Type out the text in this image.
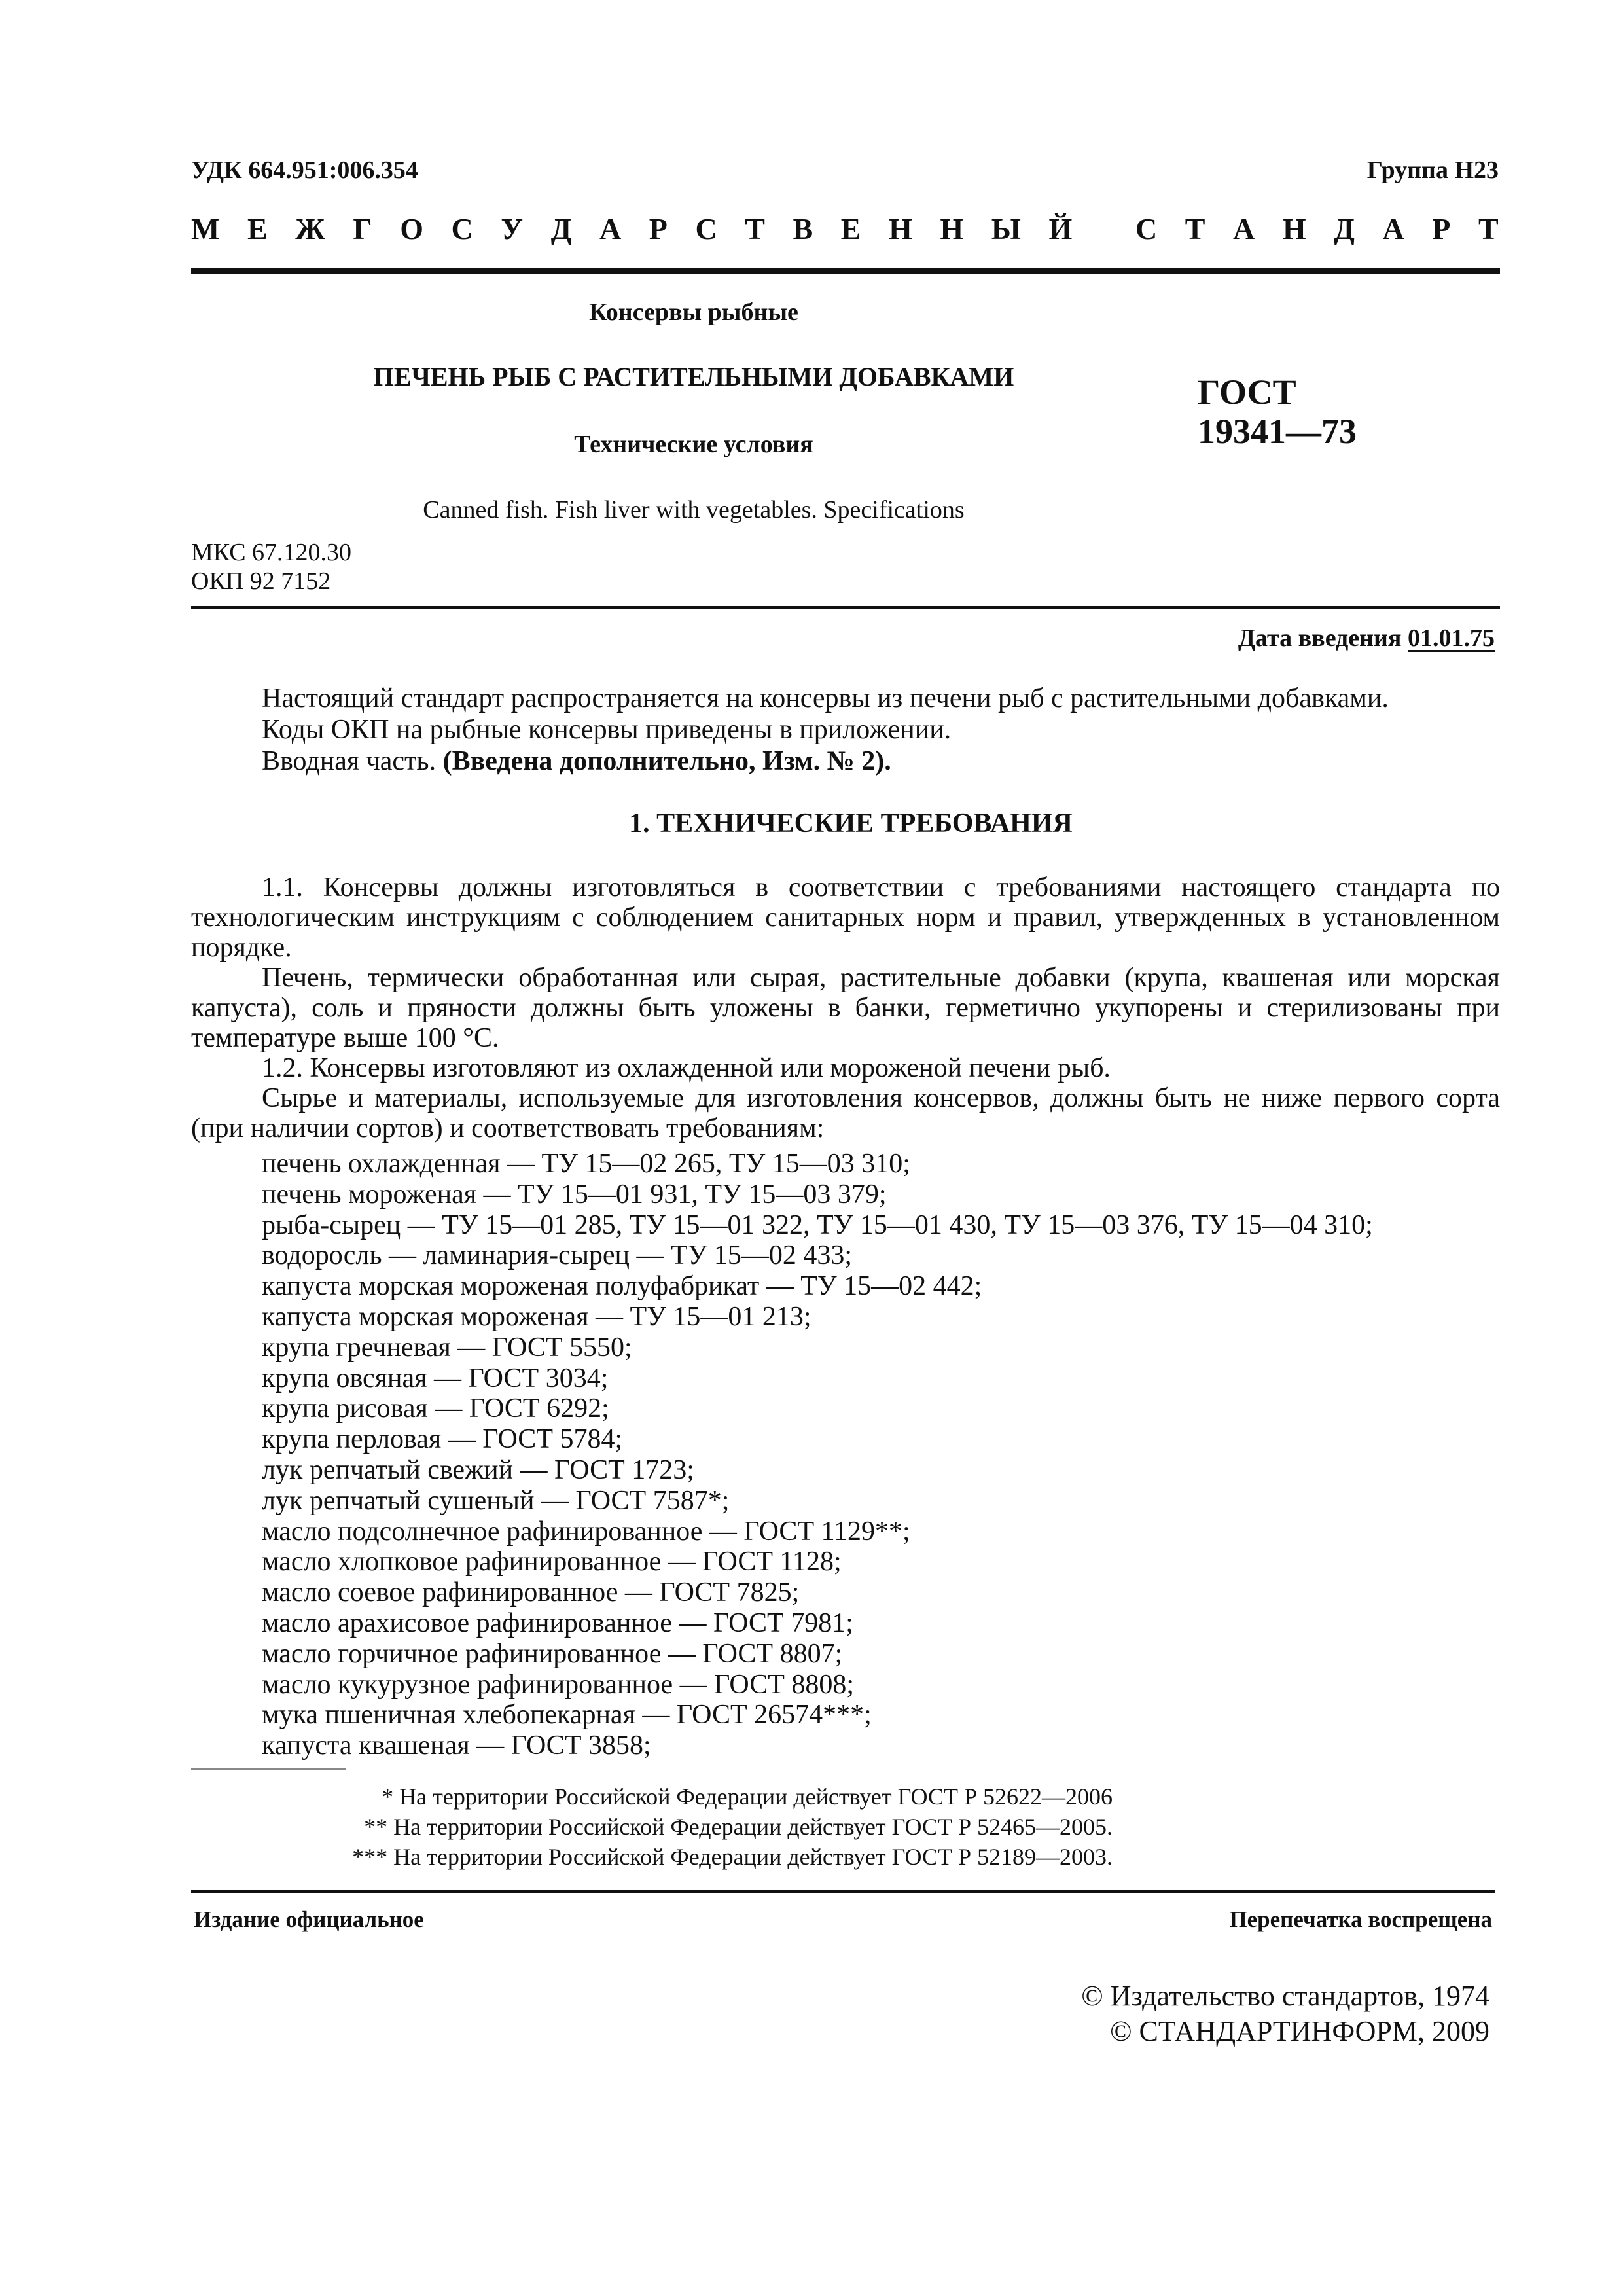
УДК 664.951:006.354	Группа Н23
М Е Ж Г О С У Д А Р С Т В Е Н Н Ы Й
С Т А Н Д А Р Т
Консервы рыбные
ПЕЧЕНЬ РЫБ С РАСТИТЕЛЬНЫМИ ДОБАВКАМИ
Технические условия
ГОСТ
19341—73
Canned fish. Fish liver with vegetables. Specifications
МКС 67.120.30
ОКП 92 7152
Дата введения 01.01.75
Настоящий стандарт распространяется на консервы из печени рыб с растительными добавками.
Коды ОКП на рыбные консервы приведены в приложении.
Вводная часть. (Введена дополнительно, Изм. № 2).
1. ТЕХНИЧЕСКИЕ ТРЕБОВАНИЯ

1.1. Консервы должны изготовляться в соответствии с требованиями настоящего стандарта по технологическим инструкциям с соблюдением санитарных норм и правил, утвержденных в установленном порядке.

Печень, термически обработанная или сырая, растительные добавки (крупа, квашеная или морская капуста), соль и пряности должны быть уложены в банки, герметично укупорены и стерилизованы при температуре выше 100 °С.

1.2. Консервы изготовляют из охлажденной или мороженой печени рыб.

Сырье и материалы, используемые для изготовления консервов, должны быть не ниже первого сорта (при наличии сортов) и соответствовать требованиям:

печень охлажденная — ТУ 15—02 265, ТУ 15—03 310;
печень мороженая — ТУ 15—01 931, ТУ 15—03 379;
рыба-сырец — ТУ 15—01 285, ТУ 15—01 322, ТУ 15—01 430, ТУ 15—03 376, ТУ 15—04 310;
водоросль — ламинария-сырец — ТУ 15—02 433;
капуста морская мороженая полуфабрикат — ТУ 15—02 442;
капуста морская мороженая — ТУ 15—01 213;
крупа гречневая — ГОСТ 5550;
крупа овсяная — ГОСТ 3034;
крупа рисовая — ГОСТ 6292;
крупа перловая — ГОСТ 5784;
лук репчатый свежий — ГОСТ 1723;
лук репчатый сушеный — ГОСТ 7587*;
масло подсолнечное рафинированное — ГОСТ 1129**;
масло хлопковое рафинированное — ГОСТ 1128;
масло соевое рафинированное — ГОСТ 7825;
масло арахисовое рафинированное — ГОСТ 7981;
масло горчичное рафинированное — ГОСТ 8807;
масло кукурузное рафинированное — ГОСТ 8808;
мука пшеничная хлебопекарная — ГОСТ 26574***;
капуста квашеная — ГОСТ 3858;
* На территории Российской Федерации действует ГОСТ Р 52622—2006
** На территории Российской Федерации действует ГОСТ Р 52465—2005.
*** На территории Российской Федерации действует ГОСТ Р 52189—2003.
Издание официальное	Перепечатка воспрещена
© Издательство стандартов, 1974
© СТАНДАРТИНФОРМ, 2009
